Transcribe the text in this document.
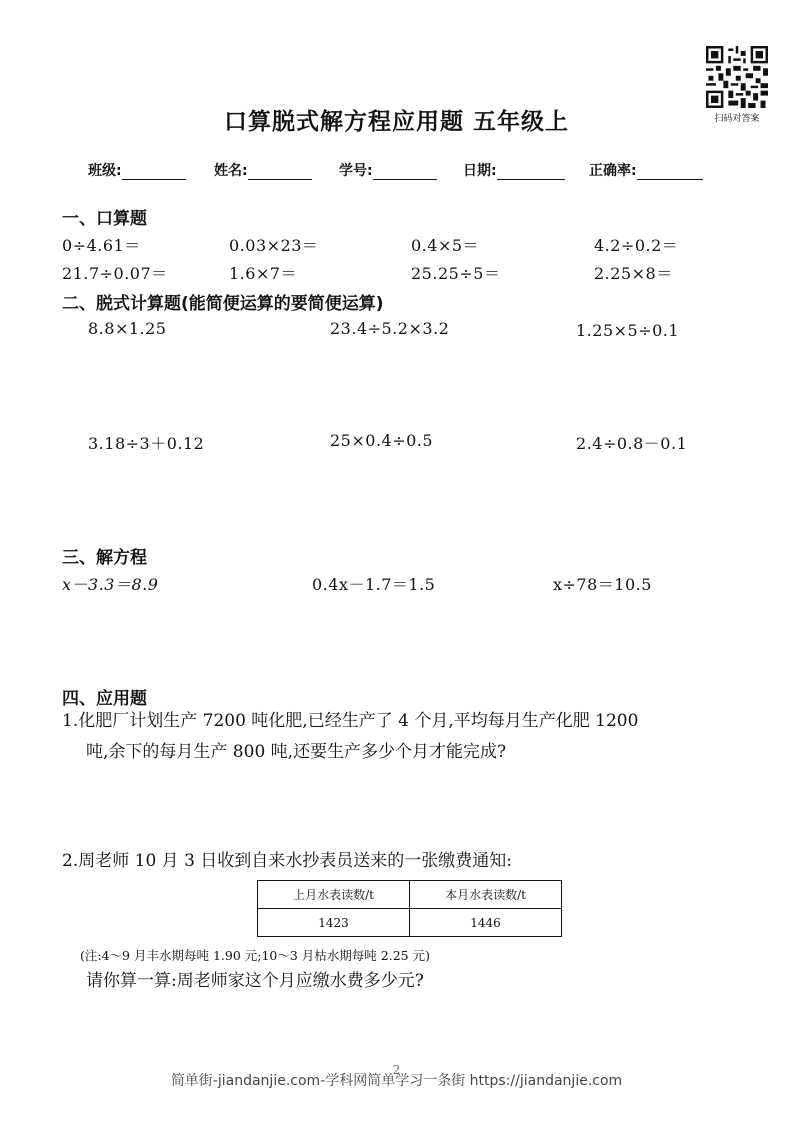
口算脱式解方程应用题 五年级上	扫码对答案
班级:	姓名:	学号:	日期:	正确率:
一、口算题
0÷4.61＝	0.03×23＝	0.4×5＝	4.2÷0.2＝
21.7÷0.07＝	1.6×7＝	25.25÷5＝	2.25×8＝
二、脱式计算题(能简便运算的要简便运算)
8.8×1.25	23.4÷5.2×3.2	1.25×5÷0.1
3.18÷3＋0.12	25×0.4÷0.5	2.4÷0.8－0.1
三、解方程
x－3.3＝8.9	0.4x－1.7＝1.5	x÷78＝10.5
四、应用题
1.化肥厂计划生产 7200 吨化肥,已经生产了 4 个月,平均每月生产化肥 1200
吨,余下的每月生产 800 吨,还要生产多少个月才能完成?
2.周老师 10 月 3 日收到自来水抄表员送来的一张缴费通知:
上月水表读数/t	本月水表读数/t
1423	1446
(注:4～9 月丰水期每吨 1.90 元;10～3 月枯水期每吨 2.25 元)
请你算一算:周老师家这个月应缴水费多少元?
2
简单街-jiandanjie.com-学科网简单学习一条街 https://jiandanjie.com
